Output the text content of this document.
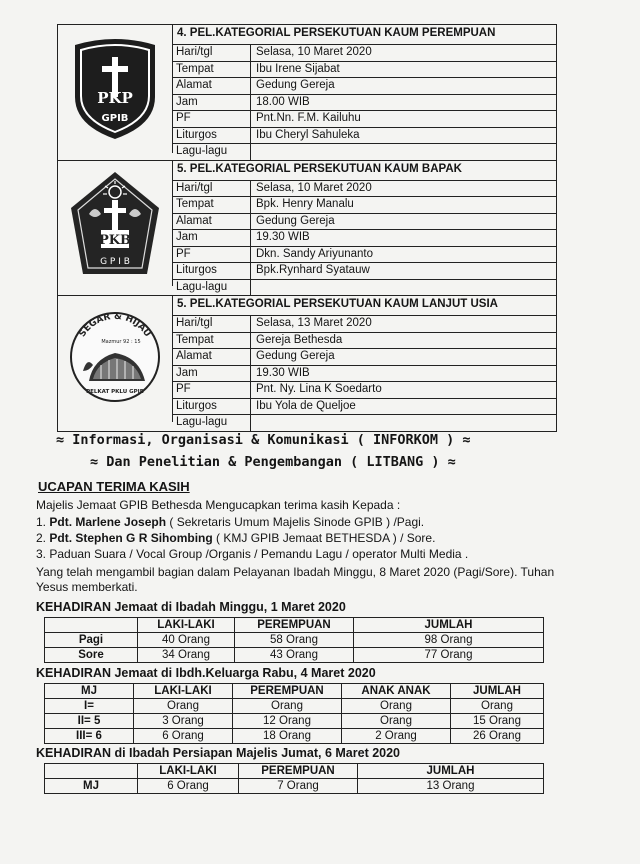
PKP
GPIB
4. PEL.KATEGORIAL PERSEKUTUAN KAUM PEREMPUAN
Hari/tgl	Selasa, 10 Maret 2020
Tempat	Ibu Irene Sijabat
Alamat	Gedung Gereja
Jam	18.00 WIB
PF	Pnt.Nn. F.M. Kailuhu
Liturgos	Ibu Cheryl Sahuleka
Lagu-lagu
PKB
G P I B
5. PEL.KATEGORIAL PERSEKUTUAN KAUM BAPAK
Hari/tgl	Selasa, 10 Maret 2020
Tempat	Bpk. Henry Manalu
Alamat	Gedung Gereja
Jam	19.30 WIB
PF	Dkn. Sandy Ariyunanto
Liturgos	Bpk.Rynhard Syatauw
Lagu-lagu
SEGAR & HIJAU
Mazmur 92 : 15
PELKAT PKLU GPIB
5. PEL.KATEGORIAL PERSEKUTUAN KAUM LANJUT USIA
Hari/tgl	Selasa, 13 Maret 2020
Tempat	Gereja Bethesda
Alamat	Gedung Gereja
Jam	19.30 WIB
PF	Pnt. Ny. Lina K Soedarto
Liturgos	Ibu Yola de Queljoe
Lagu-lagu
≈ Informasi, Organisasi & Komunikasi ( INFORKOM ) ≈
≈ Dan Penelitian & Pengembangan ( LITBANG ) ≈
UCAPAN TERIMA KASIH
Majelis Jemaat GPIB Bethesda Mengucapkan terima kasih Kepada :
1. Pdt. Marlene Joseph ( Sekretaris Umum Majelis Sinode GPIB ) /Pagi.
2. Pdt. Stephen G R Sihombing ( KMJ GPIB Jemaat BETHESDA ) / Sore.
3. Paduan Suara / Vocal Group /Organis / Pemandu Lagu / operator Multi Media .
Yang telah mengambil bagian dalam Pelayanan Ibadah Minggu, 8 Maret 2020 (Pagi/Sore). Tuhan
Yesus memberkati.
KEHADIRAN Jemaat di Ibadah Minggu, 1 Maret 2020
	LAKI-LAKI	PEREMPUAN	JUMLAH
Pagi	40 Orang	58 Orang	98 Orang
Sore	34 Orang	43 Orang	77 Orang
KEHADIRAN Jemaat di Ibdh.Keluarga Rabu, 4 Maret 2020
MJ	LAKI-LAKI	PEREMPUAN	ANAK ANAK	JUMLAH
I=	Orang	Orang	Orang	Orang
II= 5	3 Orang	12 Orang	Orang	15 Orang
III= 6	6 Orang	18 Orang	2 Orang	26 Orang
KEHADIRAN di Ibadah Persiapan Majelis Jumat, 6 Maret 2020
	LAKI-LAKI	PEREMPUAN	JUMLAH
MJ	6 Orang	7 Orang	13 Orang
